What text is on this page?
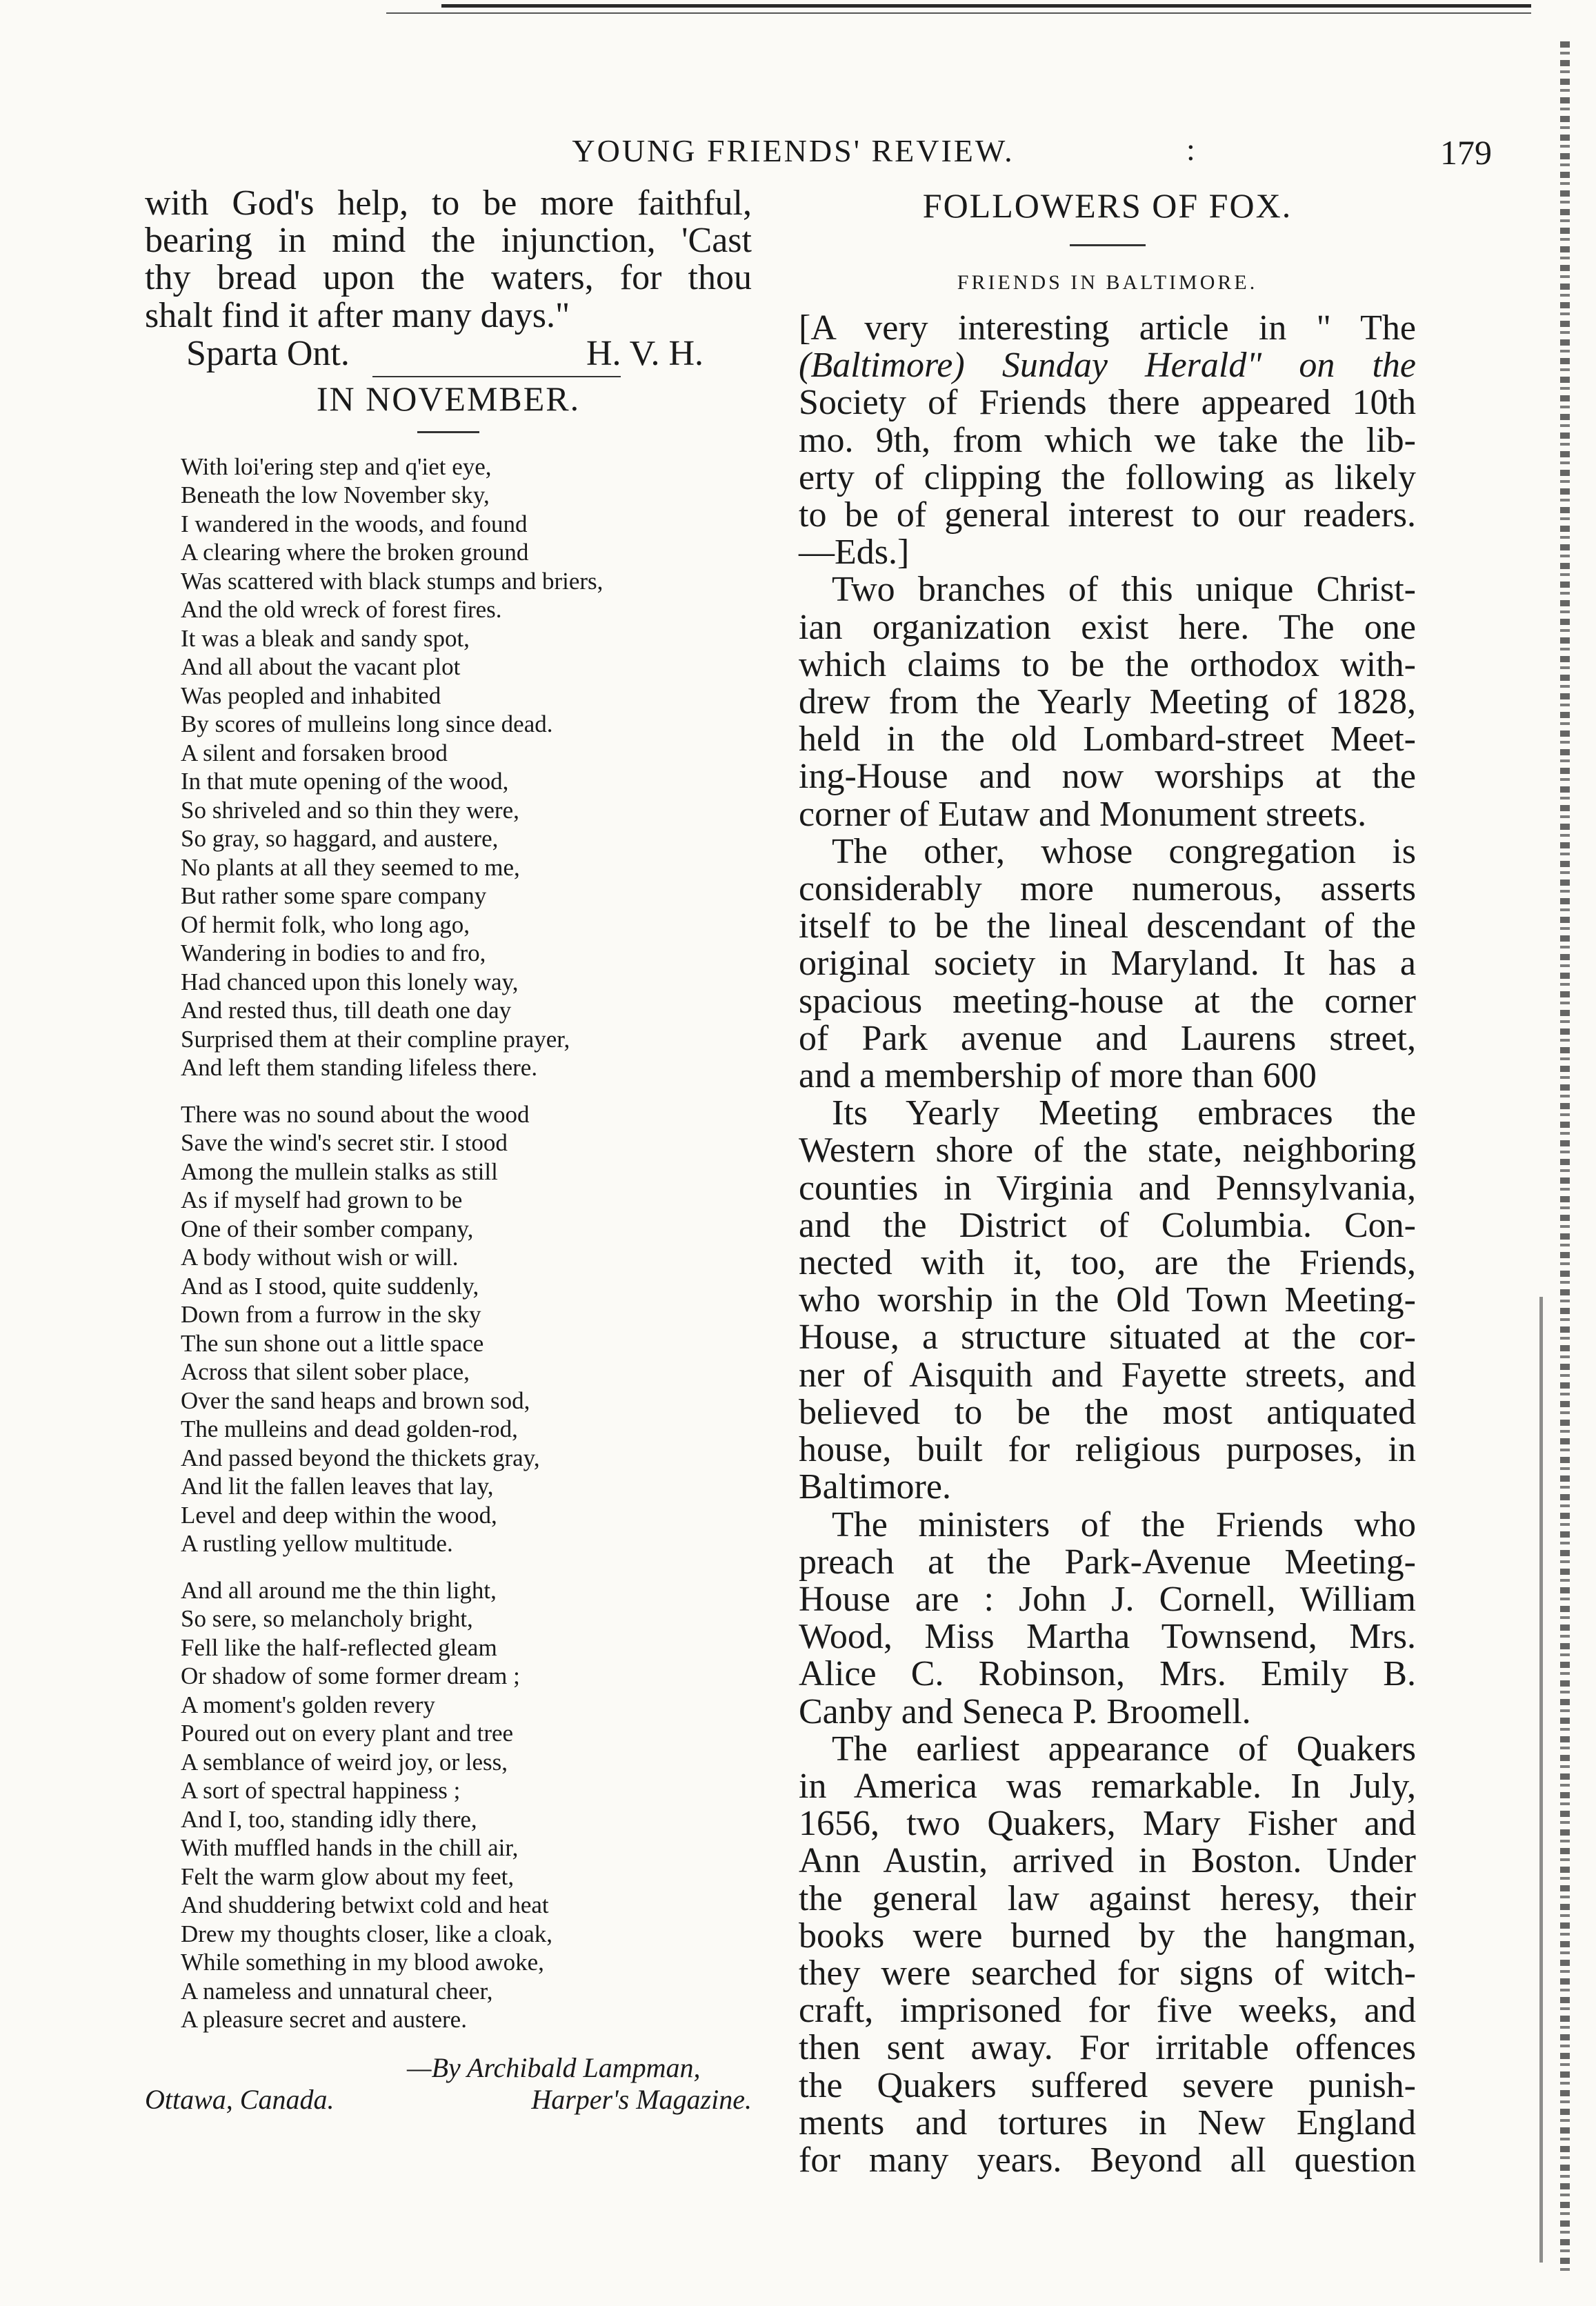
YOUNG FRIENDS' REVIEW.	:	179

with God's help, to be more faithful,

bearing in mind the injunction, 'Cast

thy bread upon the waters, for thou

shalt find it after many days."

Sparta Ont.	H. V. H.
IN NOVEMBER.
With loi'ering step and q'iet eye,
Beneath the low November sky,
I wandered in the woods, and found
A clearing where the broken ground
Was scattered with black stumps and briers,
And the old wreck of forest fires.
It was a bleak and sandy spot,
And all about the vacant plot
Was peopled and inhabited
By scores of mulleins long since dead.
A silent and forsaken brood
In that mute opening of the wood,
So shriveled and so thin they were,
So gray, so haggard, and austere,
No plants at all they seemed to me,
But rather some spare company
Of hermit folk, who long ago,
Wandering in bodies to and fro,
Had chanced upon this lonely way,
And rested thus, till death one day
Surprised them at their compline prayer,
And left them standing lifeless there.
There was no sound about the wood
Save the wind's secret stir. I stood
Among the mullein stalks as still
As if myself had grown to be
One of their somber company,
A body without wish or will.
And as I stood, quite suddenly,
Down from a furrow in the sky
The sun shone out a little space
Across that silent sober place,
Over the sand heaps and brown sod,
The mulleins and dead golden-rod,
And passed beyond the thickets gray,
And lit the fallen leaves that lay,
Level and deep within the wood,
A rustling yellow multitude.
And all around me the thin light,
So sere, so melancholy bright,
Fell like the half-reflected gleam
Or shadow of some former dream ;
A moment's golden revery
Poured out on every plant and tree
A semblance of weird joy, or less,
A sort of spectral happiness ;
And I, too, standing idly there,
With muffled hands in the chill air,
Felt the warm glow about my feet,
And shuddering betwixt cold and heat
Drew my thoughts closer, like a cloak,
While something in my blood awoke,
A nameless and unnatural cheer,
A pleasure secret and austere.
—By Archibald Lampman,
Ottawa, Canada.	Harper's Magazine.
FOLLOWERS OF FOX.
FRIENDS IN BALTIMORE.

[A very interesting article in " The

(Baltimore) Sunday Herald" on the

Society of Friends there appeared 10th

mo. 9th, from which we take the lib-

erty of clipping the following as likely

to be of general interest to our readers.

—Eds.]

Two branches of this unique Christ-

ian organization exist here. The one

which claims to be the orthodox with-

drew from the Yearly Meeting of 1828,

held in the old Lombard-street Meet-

ing-House and now worships at the

corner of Eutaw and Monument streets.

The other, whose congregation is

considerably more numerous, asserts

itself to be the lineal descendant of the

original society in Maryland. It has a

spacious meeting-house at the corner

of Park avenue and Laurens street,

and a membership of more than 600

Its Yearly Meeting embraces the

Western shore of the state, neighboring

counties in Virginia and Pennsylvania,

and the District of Columbia. Con-

nected with it, too, are the Friends,

who worship in the Old Town Meeting-

House, a structure situated at the cor-

ner of Aisquith and Fayette streets, and

believed to be the most antiquated

house, built for religious purposes, in

Baltimore.

The ministers of the Friends who

preach at the Park-Avenue Meeting-

House are : John J. Cornell, William

Wood, Miss Martha Townsend, Mrs.

Alice C. Robinson, Mrs. Emily B.

Canby and Seneca P. Broomell.

The earliest appearance of Quakers

in America was remarkable. In July,

1656, two Quakers, Mary Fisher and

Ann Austin, arrived in Boston. Under

the general law against heresy, their

books were burned by the hangman,

they were searched for signs of witch-

craft, imprisoned for five weeks, and

then sent away. For irritable offences

the Quakers suffered severe punish-

ments and tortures in New England

for many years. Beyond all question
